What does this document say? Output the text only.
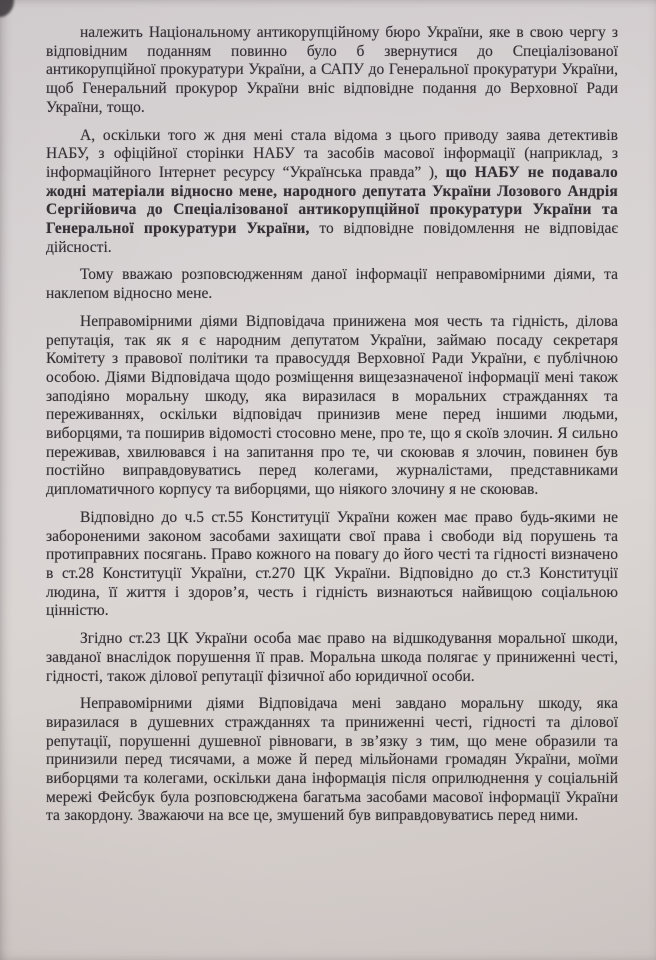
належить Національному антикорупційному бюро України, яке в свою чергу з відповідним поданням повинно було б звернутися до Спеціалізованої антикорупційної прокуратури України, а САПУ до Генеральної прокуратури України, щоб Генеральний прокурор України вніс відповідне подання до Верховної Ради України, тощо.

А, оскільки того ж дня мені стала відома з цього приводу заява детективів НАБУ, з офіційної сторінки НАБУ та засобів масової інформації (наприклад, з інформаційного Інтернет ресурсу “Українська правда” ), що НАБУ не подавало жодні матеріали відносно мене, народного депутата України Лозового Андрія Сергійовича до Спеціалізованої антикорупційної прокуратури України та Генеральної прокуратури України, то відповідне повідомлення не відповідає дійсності.

Тому вважаю розповсюдженням даної інформації неправомірними діями, та наклепом відносно мене.

Неправомірними діями Відповідача принижена моя честь та гідність, ділова репутація, так як я є народним депутатом України, займаю посаду секретаря Комітету з правової політики та правосуддя Верховної Ради України, є публічною особою. Діями Відповідача щодо розміщення вищезазначеної інформації мені також заподіяно моральну шкоду, яка виразилася в моральних стражданнях та переживаннях, оскільки відповідач принизив мене перед іншими людьми, виборцями, та поширив відомості стосовно мене, про те, що я скоїв злочин. Я сильно переживав, хвилювався і на запитання про те, чи скоював я злочин, повинен був постійно виправдовуватись перед колегами, журналістами, представниками дипломатичного корпусу та виборцями, що ніякого злочину я не скоював.

Відповідно до ч.5 ст.55 Конституції України кожен має право будь-якими не забороненими законом засобами захищати свої права і свободи від порушень та протиправних посягань. Право кожного на повагу до його честі та гідності визначено в ст.28 Конституції України, ст.270 ЦК України. Відповідно до ст.3 Конституції людина, її життя і здоров’я, честь і гідність визнаються найвищою соціальною цінністю.

Згідно ст.23 ЦК України особа має право на відшкодування моральної шкоди, завданої внаслідок порушення її прав. Моральна шкода полягає у приниженні честі, гідності, також ділової репутації фізичної або юридичної особи.

Неправомірними діями Відповідача мені завдано моральну шкоду, яка виразилася в душевних стражданнях та приниженні честі, гідності та ділової репутації, порушенні душевної рівноваги, в зв’язку з тим, що мене образили та принизили перед тисячами, а може й перед мільйонами громадян України, моїми виборцями та колегами, оскільки дана інформація після оприлюднення у соціальній мережі Фейсбук була розповсюджена багатьма засобами масової інформації України та закордону. Зважаючи на все це, змушений був виправдовуватись перед ними.
